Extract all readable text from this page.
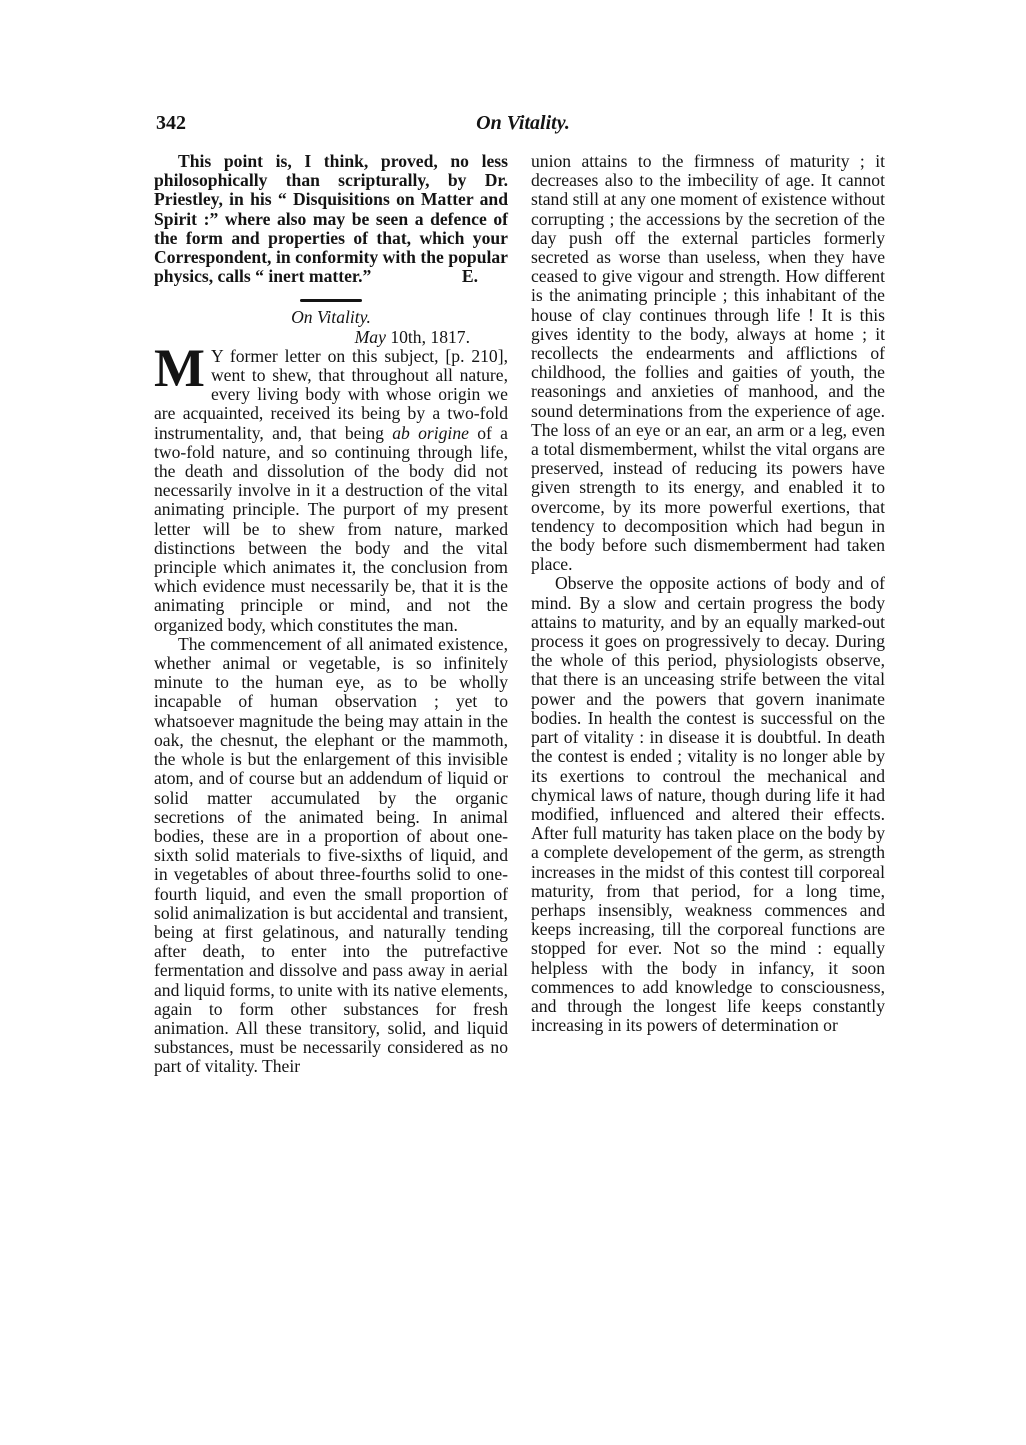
342	On Vitality.

This point is, I think, proved, no less philosophically than scripturally, by Dr. Priestley, in his “ Disquisitions on Matter and Spirit :” where also may be seen a defence of the form and properties of that, which your Correspondent, in conformity with the popular physics, calls “ inert matter.”	E.

On Vitality.

May 10th, 1817.

M Y former letter on this subject, [p. 210], went to shew, that throughout all nature, every living body with whose origin we are acquainted, received its being by a two-fold instrumentality, and, that being ab origine of a two-fold nature, and so continuing through life, the death and dissolution of the body did not necessarily involve in it a destruction of the vital animating principle. The purport of my present letter will be to shew from nature, marked distinctions between the body and the vital principle which animates it, the conclusion from which evidence must necessarily be, that it is the animating principle or mind, and not the organized body, which constitutes the man.

The commencement of all animated existence, whether animal or vegetable, is so infinitely minute to the human eye, as to be wholly incapable of human observation ; yet to whatsoever magnitude the being may attain in the oak, the chesnut, the elephant or the mammoth, the whole is but the enlargement of this invisible atom, and of course but an addendum of liquid or solid matter accumulated by the organic secretions of the animated being. In animal bodies, these are in a proportion of about one-sixth solid materials to five-sixths of liquid, and in vegetables of about three-fourths solid to one-fourth liquid, and even the small proportion of solid animalization is but accidental and transient, being at first gelatinous, and naturally tending after death, to enter into the putrefactive fermentation and dissolve and pass away in aerial and liquid forms, to unite with its native elements, again to form other substances for fresh animation. All these transitory, solid, and liquid substances, must be necessarily considered as no part of vitality. Their

union attains to the firmness of maturity ; it decreases also to the imbecility of age. It cannot stand still at any one moment of existence without corrupting ; the accessions by the secretion of the day push off the external particles formerly secreted as worse than useless, when they have ceased to give vigour and strength. How different is the animating principle ; this inhabitant of the house of clay continues through life ! It is this gives identity to the body, always at home ; it recollects the endearments and afflictions of childhood, the follies and gaities of youth, the reasonings and anxieties of manhood, and the sound determinations from the experience of age. The loss of an eye or an ear, an arm or a leg, even a total dismemberment, whilst the vital organs are preserved, instead of reducing its powers have given strength to its energy, and enabled it to overcome, by its more powerful exertions, that tendency to decomposition which had begun in the body before such dismemberment had taken place.

Observe the opposite actions of body and of mind. By a slow and certain progress the body attains to maturity, and by an equally marked-out process it goes on progressively to decay. During the whole of this period, physiologists observe, that there is an unceasing strife between the vital power and the powers that govern inanimate bodies. In health the contest is successful on the part of vitality : in disease it is doubtful. In death the contest is ended ; vitality is no longer able by its exertions to controul the mechanical and chymical laws of nature, though during life it had modified, influenced and altered their effects. After full maturity has taken place on the body by a complete developement of the germ, as strength increases in the midst of this contest till corporeal maturity, from that period, for a long time, perhaps insensibly, weakness commences and keeps increasing, till the corporeal functions are stopped for ever. Not so the mind : equally helpless with the body in infancy, it soon commences to add knowledge to consciousness, and through the longest life keeps constantly increasing in its powers of determination or
